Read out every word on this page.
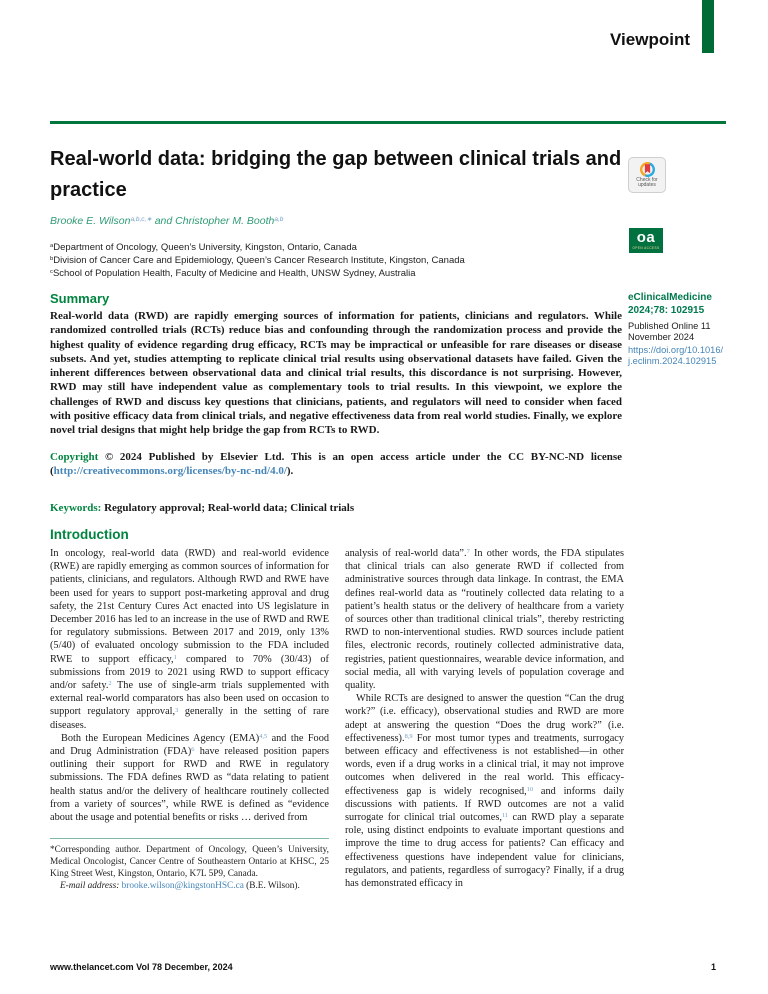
Viewpoint
Real-world data: bridging the gap between clinical trials and practice
Brooke E. Wilson$^{a,b,c,∗}$ and Christopher M. Booth$^{a,b}$
$^a$Department of Oncology, Queen’s University, Kingston, Ontario, Canada
$^b$Division of Cancer Care and Epidemiology, Queen’s Cancer Research Institute, Kingston, Canada
$^c$School of Population Health, Faculty of Medicine and Health, UNSW Sydney, Australia
Check for
updates
oa
OPEN ACCESS
Summary
Real-world data (RWD) are rapidly emerging sources of information for patients, clinicians and regulators. While randomized controlled trials (RCTs) reduce bias and confounding through the randomization process and provide the highest quality of evidence regarding drug efficacy, RCTs may be impractical or unfeasible for rare diseases or disease subsets. And yet, studies attempting to replicate clinical trial results using observational datasets have failed. Given the inherent differences between observational data and clinical trial results, this discordance is not surprising. However, RWD may still have independent value as complementary tools to trial results. In this viewpoint, we explore the challenges of RWD and discuss key questions that clinicians, patients, and regulators will need to consider when faced with positive efficacy data from clinical trials, and negative effectiveness data from real world studies. Finally, we explore novel trial designs that might help bridge the gap from RCTs to RWD.
Copyright © 2024 Published by Elsevier Ltd. This is an open access article under the CC BY-NC-ND license (http://creativecommons.org/licenses/by-nc-nd/4.0/).
Keywords: Regulatory approval; Real-world data; Clinical trials
eClinicalMedicine
2024;78: 102915
Published Online 11 November 2024
https://doi.org/10.1016/j.eclinm.2024.102915
Introduction

In oncology, real-world data (RWD) and real-world evidence (RWE) are rapidly emerging as common sources of information for patients, clinicians, and regulators. Although RWD and RWE have been used for years to support post-marketing approval and drug safety, the 21st Century Cures Act enacted into US legislature in December 2016 has led to an increase in the use of RWD and RWE for regulatory submissions. Between 2017 and 2019, only 13% (5/40) of evaluated oncology submission to the FDA included RWE to support efficacy,$^1$ compared to 70% (30/43) of submissions from 2019 to 2021 using RWD to support efficacy and/or safety.$^2$ The use of single-arm trials supplemented with external real-world comparators has also been used on occasion to support regulatory approval,$^3$ generally in the setting of rare diseases.

Both the European Medicines Agency (EMA)$^{4,5}$ and the Food and Drug Administration (FDA)$^6$ have released position papers outlining their support for RWD and RWE in regulatory submissions. The FDA defines RWD as “data relating to patient health status and/or the delivery of healthcare routinely collected from a variety of sources”, while RWE is defined as “evidence about the usage and potential benefits or risks … derived from

*Corresponding author. Department of Oncology, Queen’s University, Medical Oncologist, Cancer Centre of Southeastern Ontario at KHSC, 25 King Street West, Kingston, Ontario, K7L 5P9, Canada.
E-mail address: brooke.wilson@kingstonHSC.ca (B.E. Wilson).

analysis of real-world data”.$^7$ In other words, the FDA stipulates that clinical trials can also generate RWD if collected from administrative sources through data linkage. In contrast, the EMA defines real-world data as “routinely collected data relating to a patient’s health status or the delivery of healthcare from a variety of sources other than traditional clinical trials”, thereby restricting RWD to non-interventional studies. RWD sources include patient files, electronic records, routinely collected administrative data, registries, patient questionnaires, wearable device information, and social media, all with varying levels of population coverage and quality.

While RCTs are designed to answer the question “Can the drug work?” (i.e. efficacy), observational studies and RWD are more adept at answering the question “Does the drug work?” (i.e. effectiveness).$^{8,9}$ For most tumor types and treatments, surrogacy between efficacy and effectiveness is not established—in other words, even if a drug works in a clinical trial, it may not improve outcomes when delivered in the real world. This efficacy-effectiveness gap is widely recognised,$^{10}$ and informs daily discussions with patients. If RWD outcomes are not a valid surrogate for clinical trial outcomes,$^{11}$ can RWD play a separate role, using distinct endpoints to evaluate important questions and improve the time to drug access for patients? Can efficacy and effectiveness questions have independent value for clinicians, regulators, and patients, regardless of surrogacy? Finally, if a drug has demonstrated efficacy in

www.thelancet.com Vol 78 December, 2024	1
